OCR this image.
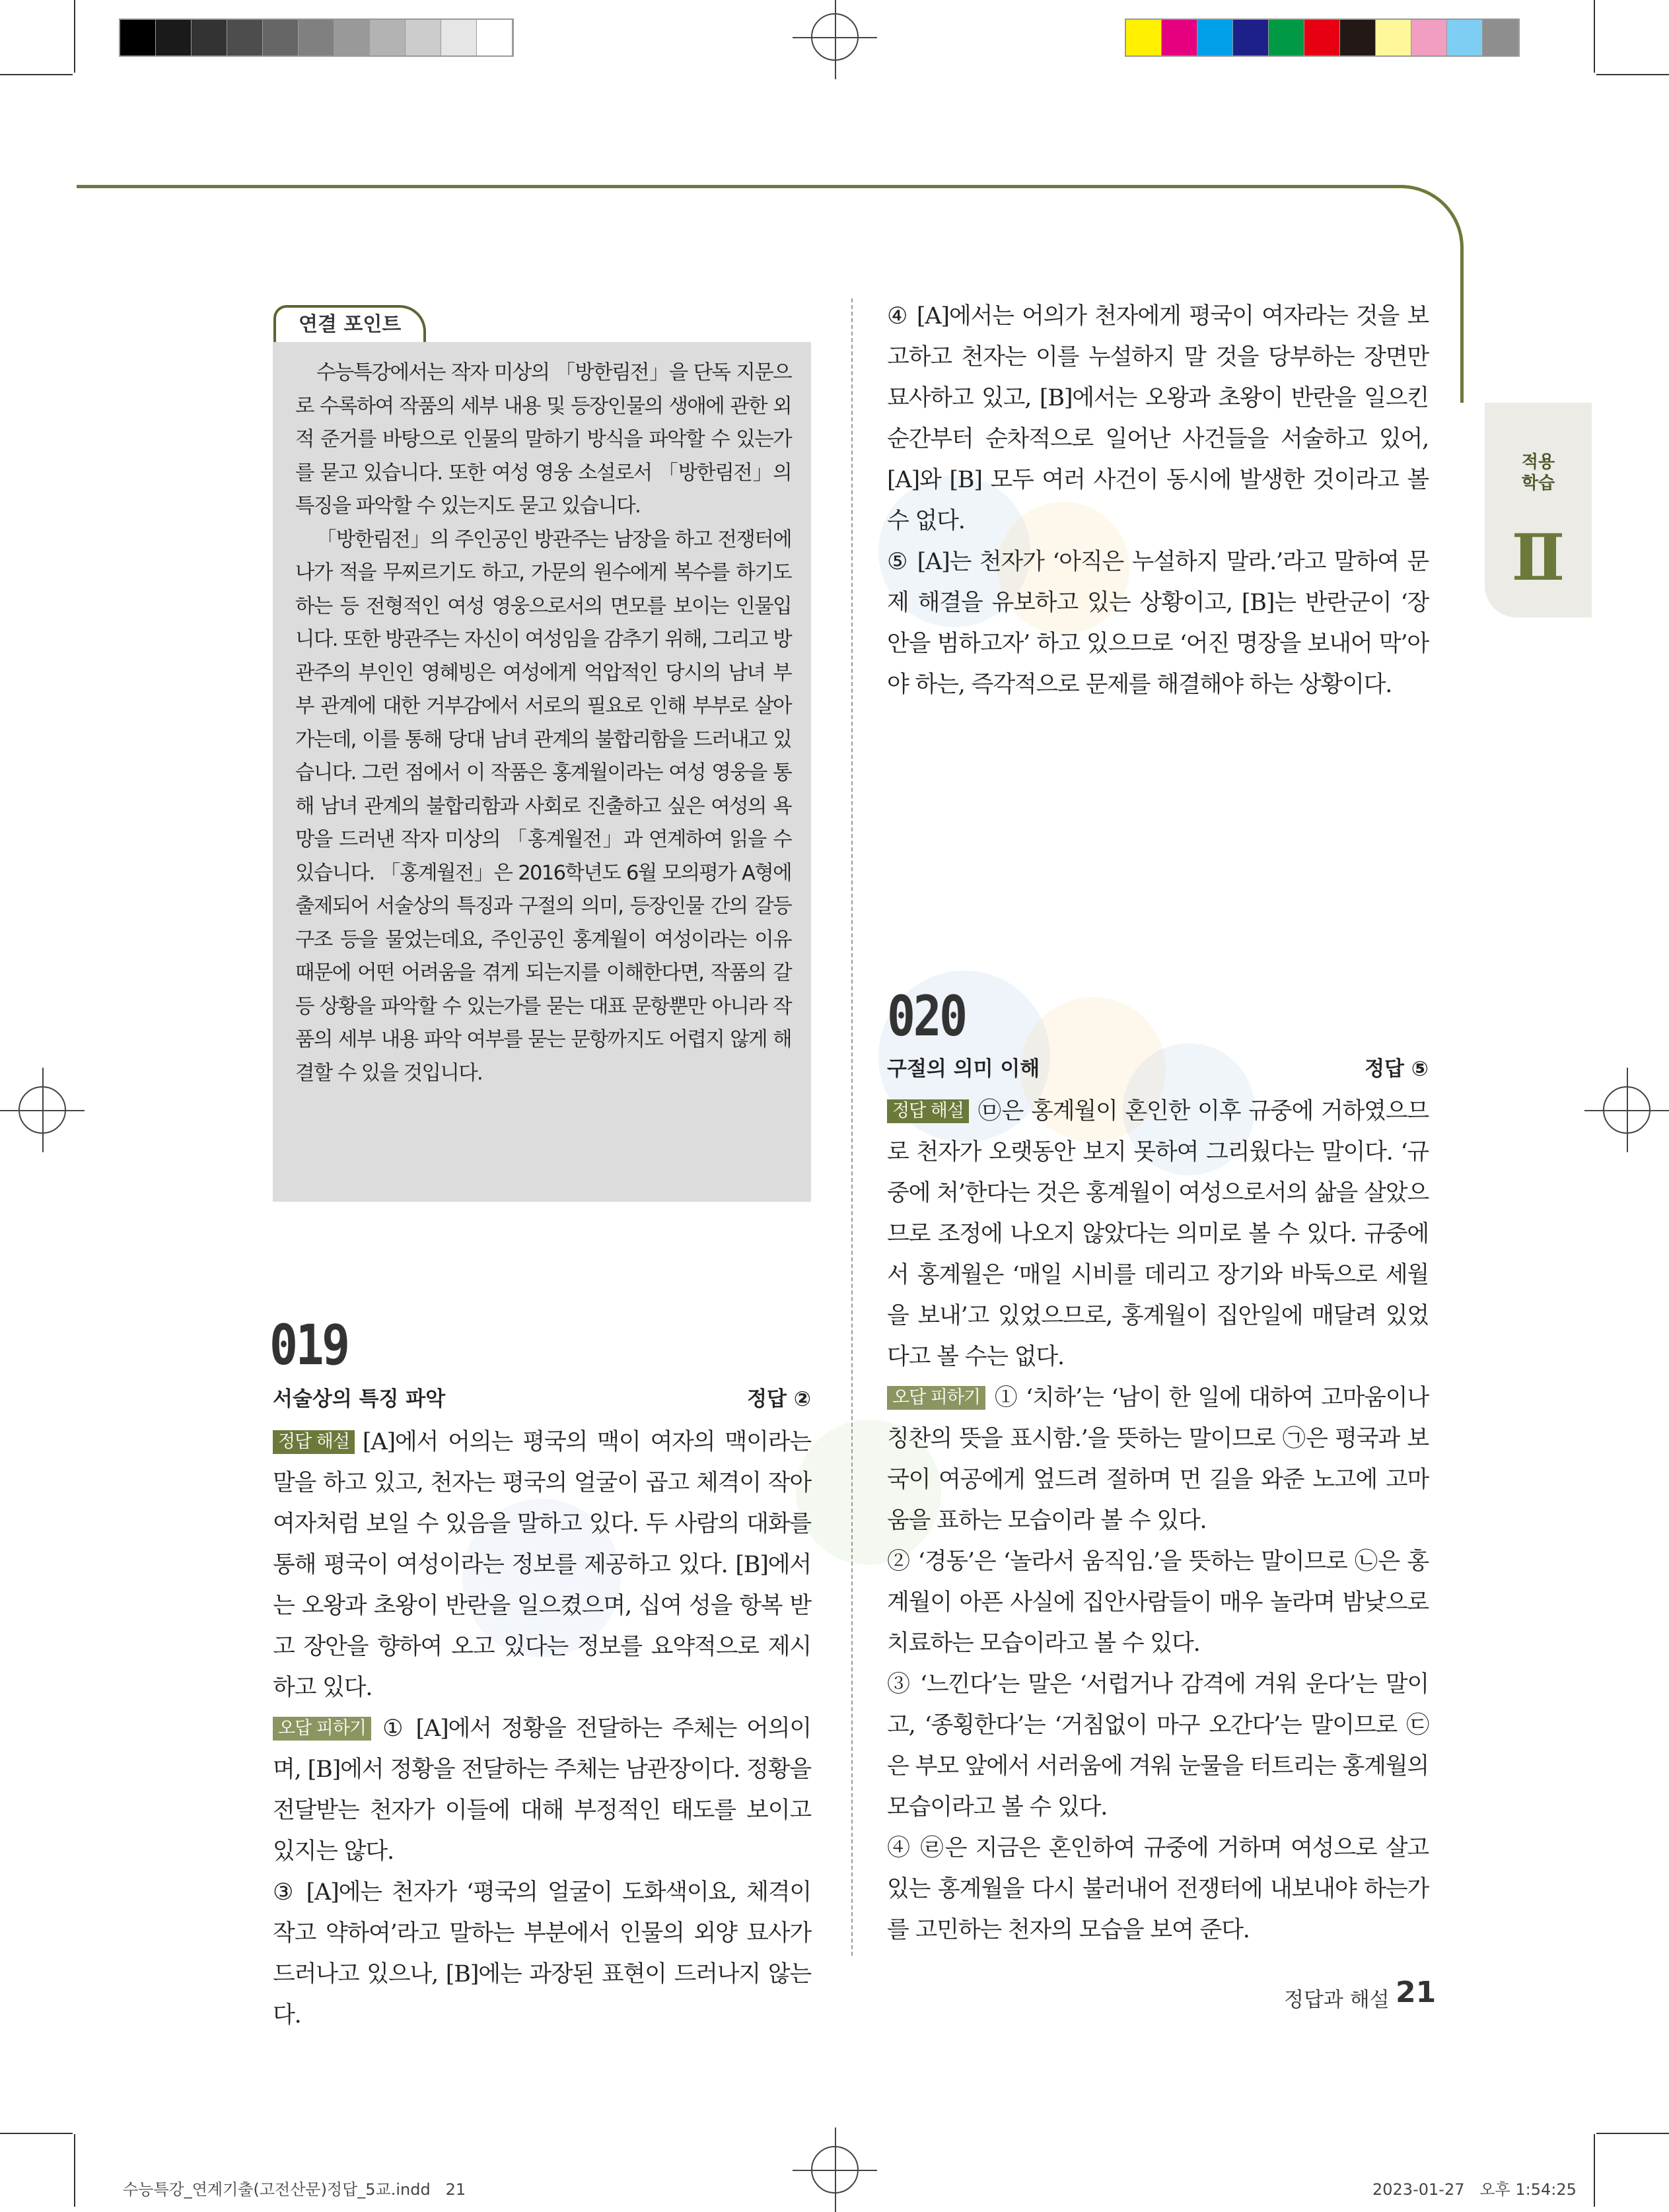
적용
학습
Ⅱ
연결 포인트

수능특강에서는 작자 미상의 「방한림전」을 단독 지문으로 수록하여 작품의 세부 내용 및 등장인물의 생애에 관한 외적 준거를 바탕으로 인물의 말하기 방식을 파악할 수 있는가를 묻고 있습니다. 또한 여성 영웅 소설로서 「방한림전」의 특징을 파악할 수 있는지도 묻고 있습니다.

「방한림전」의 주인공인 방관주는 남장을 하고 전쟁터에 나가 적을 무찌르기도 하고, 가문의 원수에게 복수를 하기도 하는 등 전형적인 여성 영웅으로서의 면모를 보이는 인물입니다. 또한 방관주는 자신이 여성임을 감추기 위해, 그리고 방관주의 부인인 영혜빙은 여성에게 억압적인 당시의 남녀 부부 관계에 대한 거부감에서 서로의 필요로 인해 부부로 살아가는데, 이를 통해 당대 남녀 관계의 불합리함을 드러내고 있습니다. 그런 점에서 이 작품은 홍계월이라는 여성 영웅을 통해 남녀 관계의 불합리함과 사회로 진출하고 싶은 여성의 욕망을 드러낸 작자 미상의 「홍계월전」과 연계하여 읽을 수 있습니다. 「홍계월전」은 2016학년도 6월 모의평가 A형에 출제되어 서술상의 특징과 구절의 의미, 등장인물 간의 갈등 구조 등을 물었는데요, 주인공인 홍계월이 여성이라는 이유 때문에 어떤 어려움을 겪게 되는지를 이해한다면, 작품의 갈등 상황을 파악할 수 있는가를 묻는 대표 문항뿐만 아니라 작품의 세부 내용 파악 여부를 묻는 문항까지도 어렵지 않게 해결할 수 있을 것입니다.

019
서술상의 특징 파악	정답 ②

정답 해설 [A]에서 어의는 평국의 맥이 여자의 맥이라는 말을 하고 있고, 천자는 평국의 얼굴이 곱고 체격이 작아 여자처럼 보일 수 있음을 말하고 있다. 두 사람의 대화를 통해 평국이 여성이라는 정보를 제공하고 있다. [B]에서는 오왕과 초왕이 반란을 일으켰으며, 십여 성을 항복 받고 장안을 향하여 오고 있다는 정보를 요약적으로 제시하고 있다.

오답 피하기 ① [A]에서 정황을 전달하는 주체는 어의이며, [B]에서 정황을 전달하는 주체는 남관장이다. 정황을 전달받는 천자가 이들에 대해 부정적인 태도를 보이고 있지는 않다.

③ [A]에는 천자가 ‘평국의 얼굴이 도화색이요, 체격이 작고 약하여’라고 말하는 부분에서 인물의 외양 묘사가 드러나고 있으나, [B]에는 과장된 표현이 드러나지 않는다.

④ [A]에서는 어의가 천자에게 평국이 여자라는 것을 보고하고 천자는 이를 누설하지 말 것을 당부하는 장면만 묘사하고 있고, [B]에서는 오왕과 초왕이 반란을 일으킨 순간부터 순차적으로 일어난 사건들을 서술하고 있어, [A]와 [B] 모두 여러 사건이 동시에 발생한 것이라고 볼 수 없다.

⑤ [A]는 천자가 ‘아직은 누설하지 말라.’라고 말하여 문제 해결을 유보하고 있는 상황이고, [B]는 반란군이 ‘장안을 범하고자’ 하고 있으므로 ‘어진 명장을 보내어 막’아야 하는, 즉각적으로 문제를 해결해야 하는 상황이다.

020
구절의 의미 이해	정답 ⑤

정답 해설 ㉤은 홍계월이 혼인한 이후 규중에 거하였으므로 천자가 오랫동안 보지 못하여 그리웠다는 말이다. ‘규중에 처’한다는 것은 홍계월이 여성으로서의 삶을 살았으므로 조정에 나오지 않았다는 의미로 볼 수 있다. 규중에서 홍계월은 ‘매일 시비를 데리고 장기와 바둑으로 세월을 보내’고 있었으므로, 홍계월이 집안일에 매달려 있었다고 볼 수는 없다.

오답 피하기 ① ‘치하’는 ‘남이 한 일에 대하여 고마움이나 칭찬의 뜻을 표시함.’을 뜻하는 말이므로 ㉠은 평국과 보국이 여공에게 엎드려 절하며 먼 길을 와준 노고에 고마움을 표하는 모습이라 볼 수 있다.

② ‘경동’은 ‘놀라서 움직임.’을 뜻하는 말이므로 ㉡은 홍계월이 아픈 사실에 집안사람들이 매우 놀라며 밤낮으로 치료하는 모습이라고 볼 수 있다.

③ ‘느낀다’는 말은 ‘서럽거나 감격에 겨워 운다’는 말이고, ‘종횡한다’는 ‘거침없이 마구 오간다’는 말이므로 ㉢은 부모 앞에서 서러움에 겨워 눈물을 터트리는 홍계월의 모습이라고 볼 수 있다.

④ ㉣은 지금은 혼인하여 규중에 거하며 여성으로 살고 있는 홍계월을 다시 불러내어 전쟁터에 내보내야 하는가를 고민하는 천자의 모습을 보여 준다.

정답과 해설 21
수능특강_연계기출(고전산문)정답_5교.indd   21	2023-01-27   오후 1:54:25
